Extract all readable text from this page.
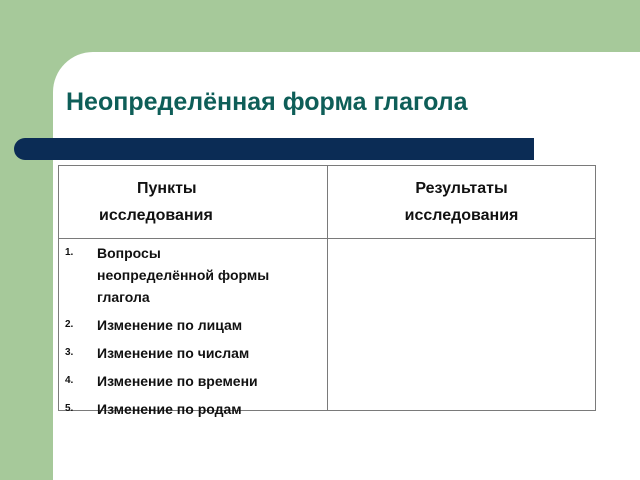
Неопределённая форма глагола
Пункты
исследования
Результаты
исследования
1. Вопросы
неопределённой формы
глагола
2. Изменение по лицам
3. Изменение по числам
4. Изменение по времени
5. Изменение по родам
